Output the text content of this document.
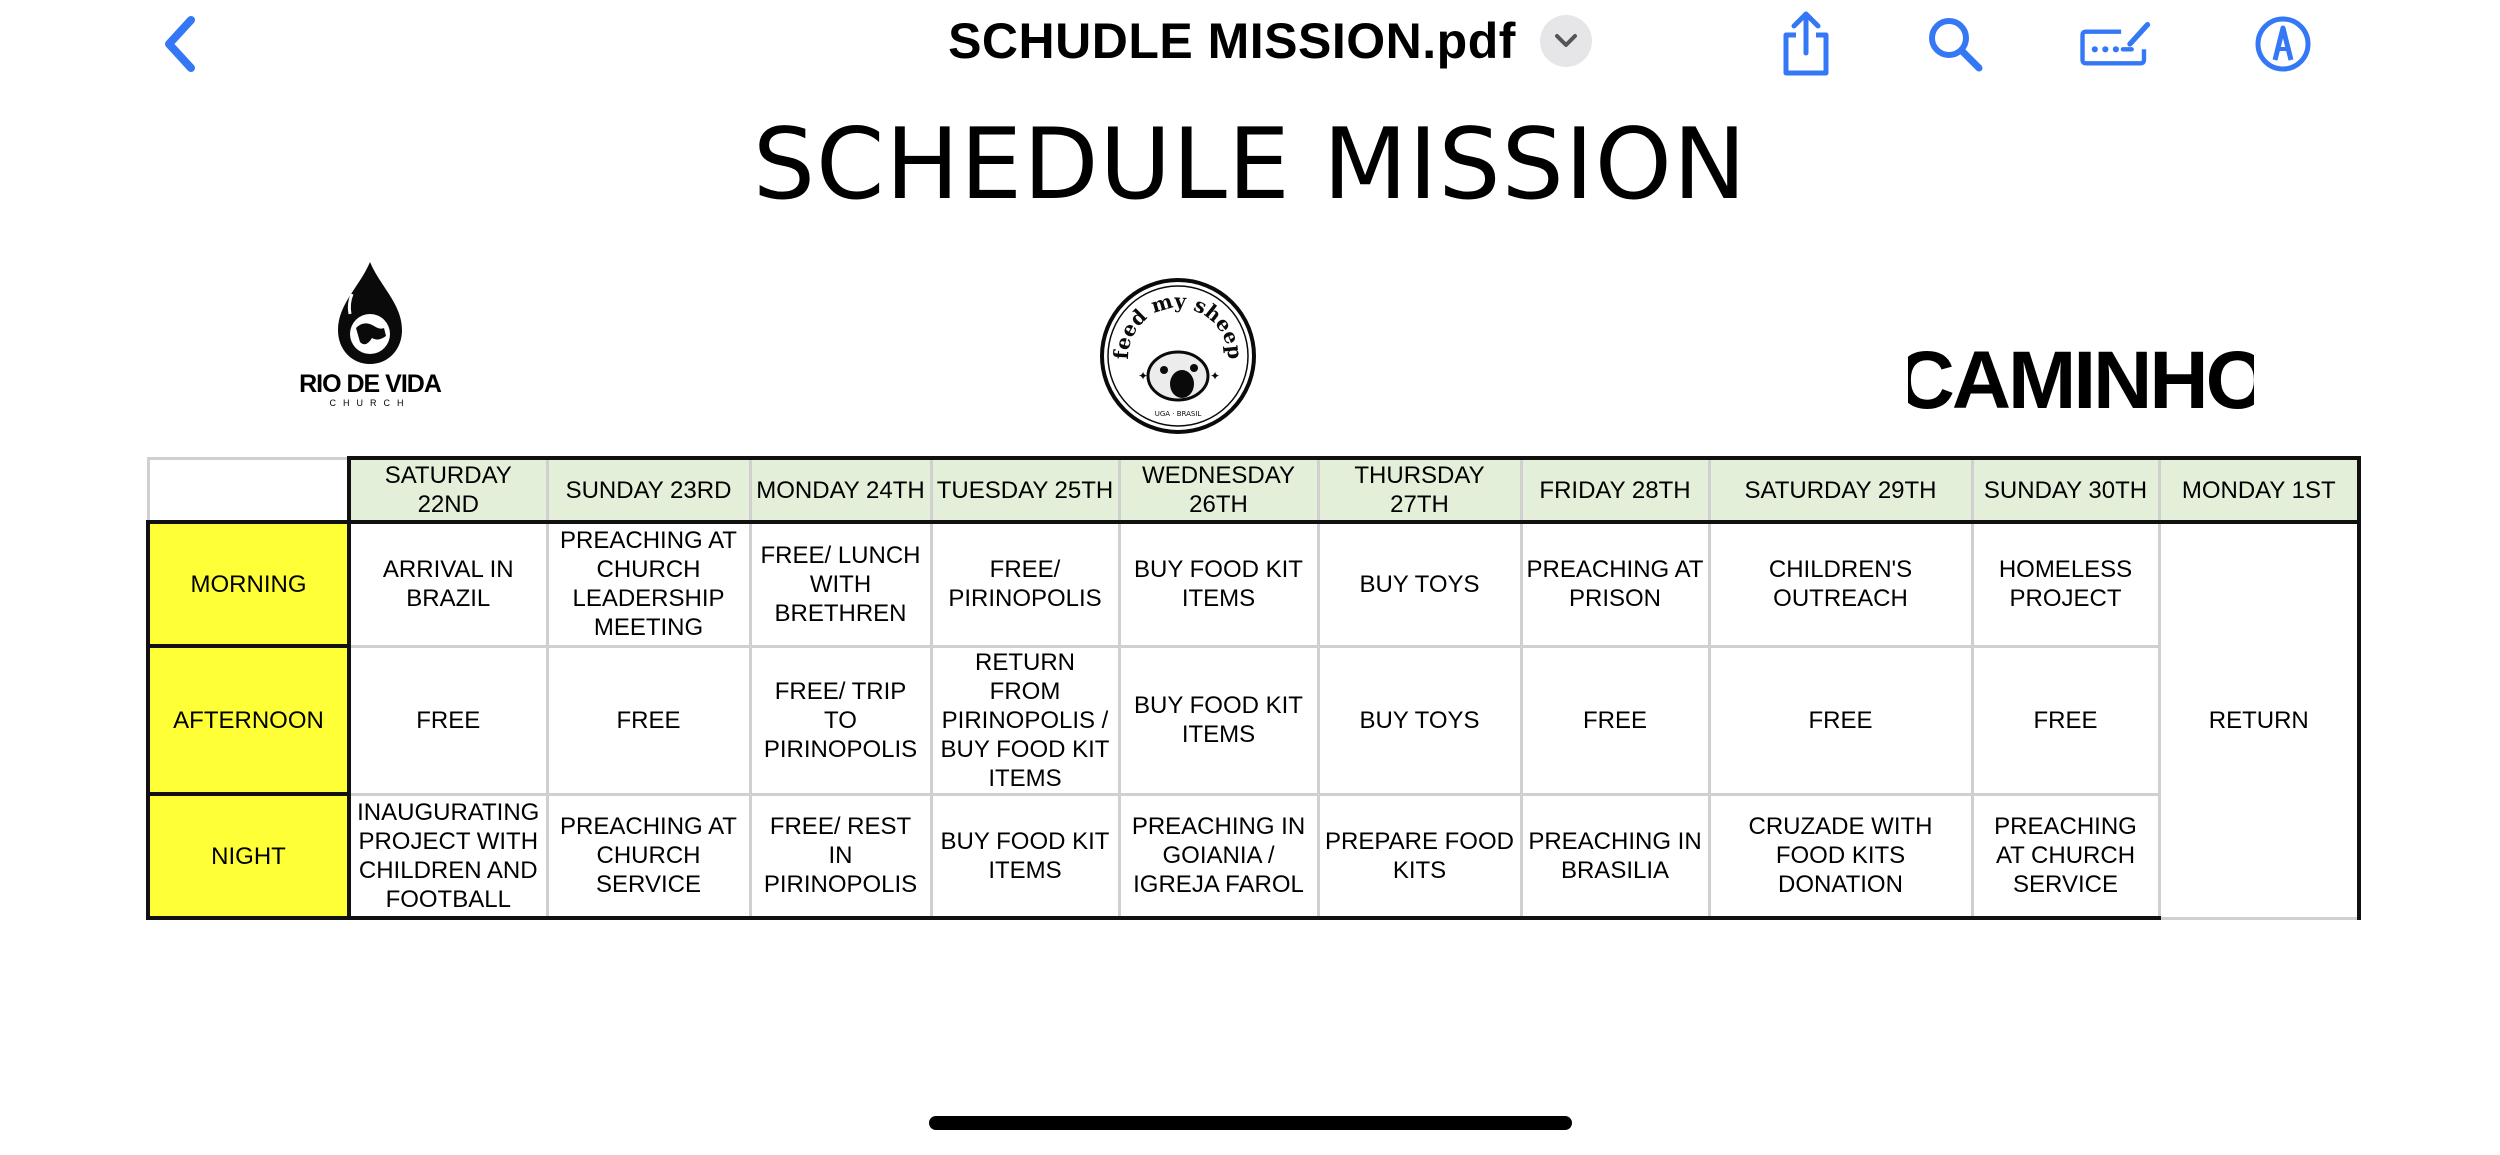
SCHUDLE MISSION.pdf
SCHEDULE MISSION
RIO DE VIDA
CHURCH
feed my sheep
✦	✦
UGA · BRASIL	CAMINHO
	SATURDAY 22ND	SUNDAY 23RD	MONDAY 24TH	TUESDAY 25TH	WEDNESDAY 26TH	THURSDAY 27TH	FRIDAY 28TH	SATURDAY 29TH	SUNDAY 30TH	MONDAY 1ST
MORNING	ARRIVAL IN BRAZIL	PREACHING AT CHURCH LEADERSHIP MEETING	FREE/ LUNCH WITH BRETHREN	FREE/ PIRINOPOLIS	BUY FOOD KIT ITEMS	BUY TOYS	PREACHING AT PRISON	CHILDREN'S OUTREACH	HOMELESS PROJECT	RETURN
AFTERNOON	FREE	FREE	FREE/ TRIP TO PIRINOPOLIS	RETURN FROM PIRINOPOLIS / BUY FOOD KIT ITEMS	BUY FOOD KIT ITEMS	BUY TOYS	FREE	FREE	FREE	
NIGHT	INAUGURATING PROJECT WITH CHILDREN AND FOOTBALL	PREACHING AT CHURCH SERVICE	FREE/ REST IN PIRINOPOLIS	BUY FOOD KIT ITEMS	PREACHING IN GOIANIA / IGREJA FAROL	PREPARE FOOD KITS	PREACHING IN BRASILIA	CRUZADE WITH FOOD KITS DONATION	PREACHING AT CHURCH SERVICE	
